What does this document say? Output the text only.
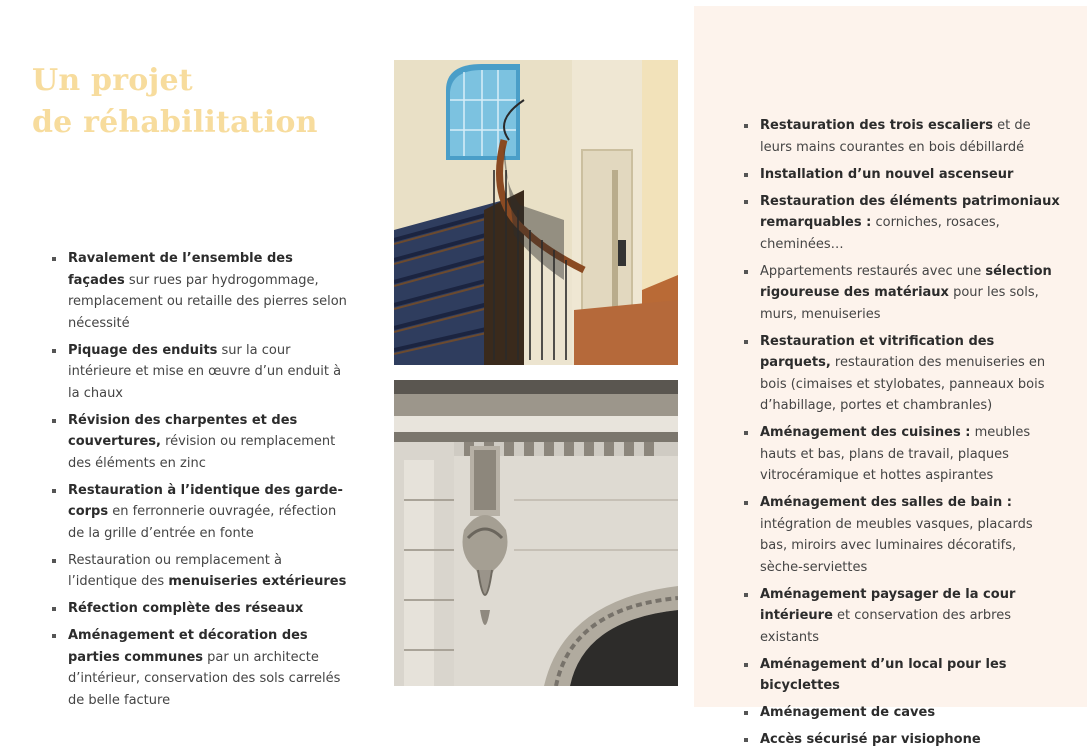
Un projet
de réhabilitation
Ravalement de l’ensemble des façades sur rues par hydrogommage, remplacement ou retaille des pierres selon nécessité
Piquage des enduits sur la cour intérieure et mise en œuvre d’un enduit à la chaux
Révision des charpentes et des couvertures, révision ou remplacement des éléments en zinc
Restauration à l’identique des garde-corps en ferronnerie ouvragée, réfection de la grille d’entrée en fonte
Restauration ou remplacement à l’identique des menuiseries extérieures
Réfection complète des réseaux
Aménagement et décoration des parties communes par un architecte d’intérieur, conservation des sols carrelés de belle facture
Restauration des trois escaliers et de leurs mains courantes en bois débillardé
Installation d’un nouvel ascenseur
Restauration des éléments patrimoniaux remarquables : corniches, rosaces, cheminées…
Appartements restaurés avec une sélection rigoureuse des matériaux pour les sols, murs, menuiseries
Restauration et vitrification des parquets, restauration des menuiseries en bois (cimaises et stylobates, panneaux bois d’habillage, portes et chambranles)
Aménagement des cuisines : meubles hauts et bas, plans de travail, plaques vitrocéramique et hottes aspirantes
Aménagement des salles de bain : intégration de meubles vasques, placards bas, miroirs avec luminaires décoratifs, sèche-serviettes
Aménagement paysager de la cour intérieure et conservation des arbres existants
Aménagement d’un local pour les bicyclettes
Aménagement de caves
Accès sécurisé par visiophone
